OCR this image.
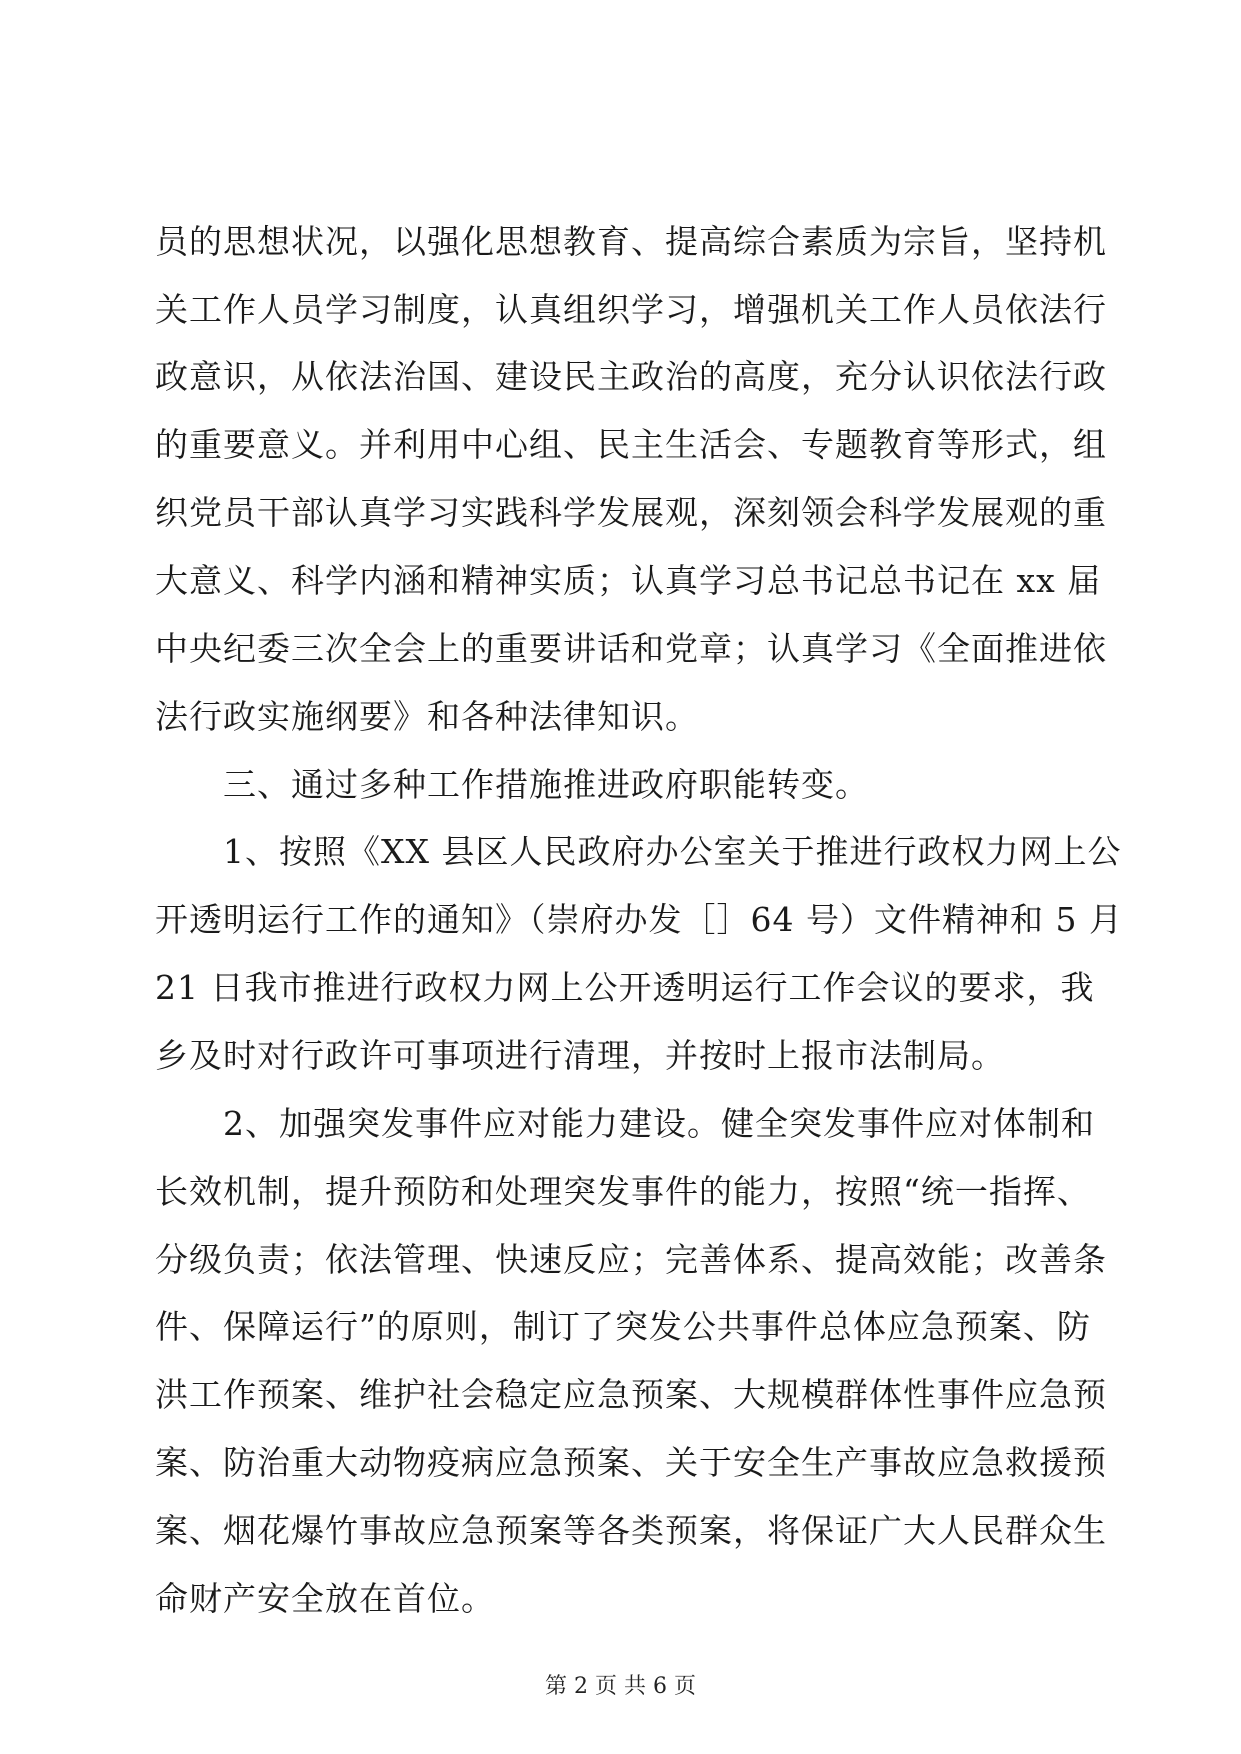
员的思想状况，以强化思想教育、提高综合素质为宗旨，坚持机
关工作人员学习制度，认真组织学习，增强机关工作人员依法行
政意识，从依法治国、建设民主政治的高度，充分认识依法行政
的重要意义。并利用中心组、民主生活会、专题教育等形式，组
织党员干部认真学习实践科学发展观，深刻领会科学发展观的重
大意义、科学内涵和精神实质；认真学习总书记总书记在 xx 届
中央纪委三次全会上的重要讲话和党章；认真学习《全面推进依
法行政实施纲要》和各种法律知识。
　　三、通过多种工作措施推进政府职能转变。
　　1、按照《XX 县区人民政府办公室关于推进行政权力网上公
开透明运行工作的通知》（崇府办发［］64 号）文件精神和 5 月
21 日我市推进行政权力网上公开透明运行工作会议的要求，我
乡及时对行政许可事项进行清理，并按时上报市法制局。
　　2、加强突发事件应对能力建设。健全突发事件应对体制和
长效机制，提升预防和处理突发事件的能力，按照“统一指挥、
分级负责；依法管理、快速反应；完善体系、提高效能；改善条
件、保障运行”的原则，制订了突发公共事件总体应急预案、防
洪工作预案、维护社会稳定应急预案、大规模群体性事件应急预
案、防治重大动物疫病应急预案、关于安全生产事故应急救援预
案、烟花爆竹事故应急预案等各类预案，将保证广大人民群众生
命财产安全放在首位。
第 2 页 共 6 页
